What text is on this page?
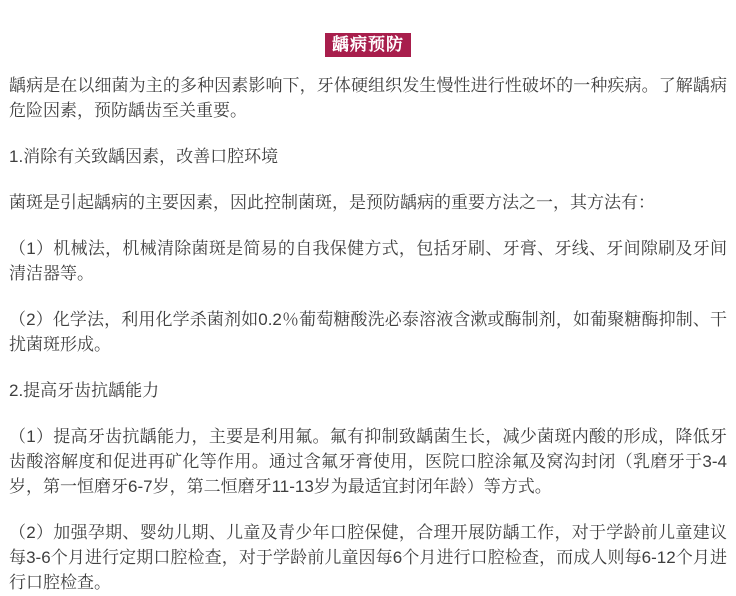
龋病预防

龋病是在以细菌为主的多种因素影响下，牙体硬组织发生慢性进行性破坏的一种疾病。了解龋病危险因素，预防龋齿至关重要。

1.消除有关致龋因素，改善口腔环境

菌斑是引起龋病的主要因素，因此控制菌斑，是预防龋病的重要方法之一，其方法有：

（1）机械法，机械清除菌斑是简易的自我保健方式，包括牙刷、牙膏、牙线、牙间隙刷及牙间清洁器等。

（2）化学法，利用化学杀菌剂如0.2％葡萄糖酸洗必泰溶液含漱或酶制剂，如葡聚糖酶抑制、干扰菌斑形成。

2.提高牙齿抗龋能力

（1）提高牙齿抗龋能力，主要是利用氟。氟有抑制致龋菌生长，减少菌斑内酸的形成，降低牙齿酸溶解度和促进再矿化等作用。通过含氟牙膏使用，医院口腔涂氟及窝沟封闭（乳磨牙于3-4岁，第一恒磨牙6-7岁，第二恒磨牙11-13岁为最适宜封闭年龄）等方式。

（2）加强孕期、婴幼儿期、儿童及青少年口腔保健，合理开展防龋工作，对于学龄前儿童建议每3-6个月进行定期口腔检查，对于学龄前儿童因每6个月进行口腔检查，而成人则每6-12个月进行口腔检查。
